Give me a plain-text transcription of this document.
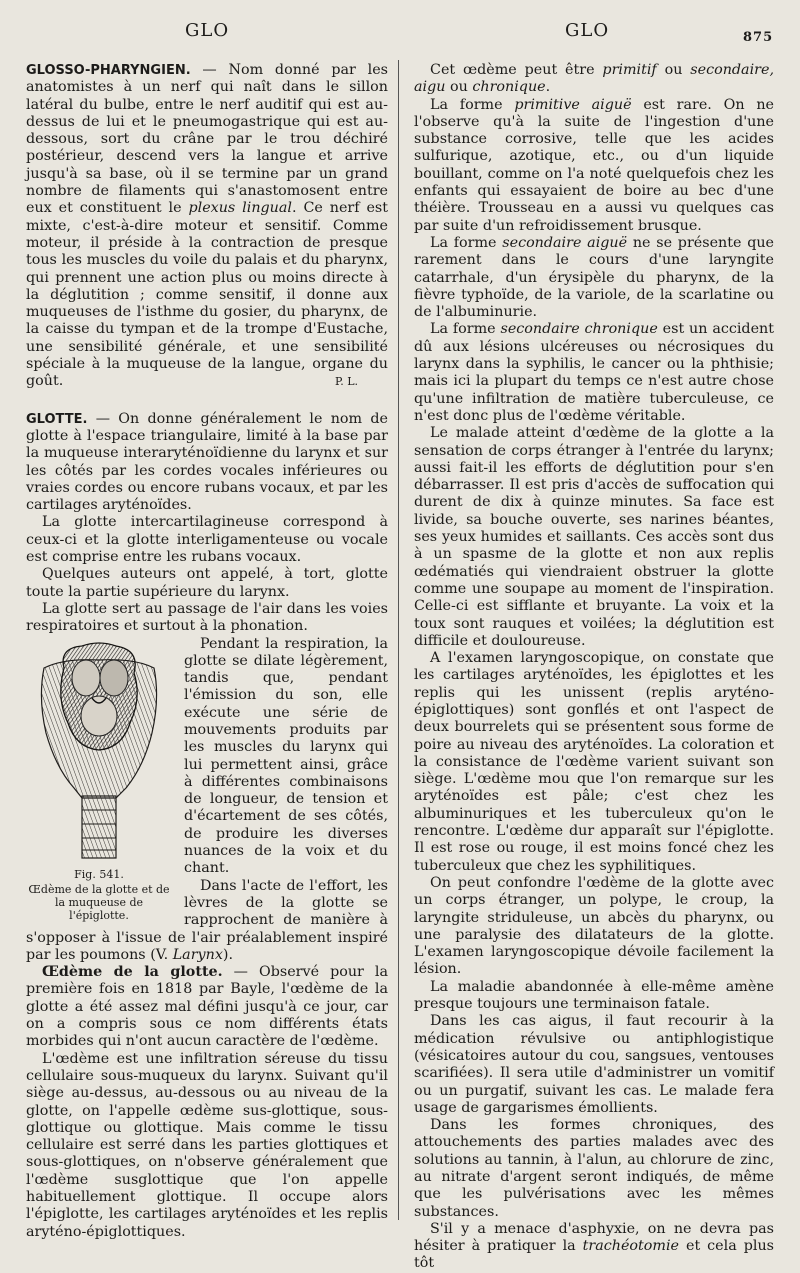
GLO	GLO	875

GLOSSO-PHARYNGIEN. — Nom donné par les anatomistes à un nerf qui naît dans le sillon latéral du bulbe, entre le nerf auditif qui est au-dessus de lui et le pneumogastrique qui est au-dessous, sort du crâne par le trou déchiré postérieur, descend vers la langue et arrive jusqu'à sa base, où il se termine par un grand nombre de filaments qui s'anastomosent entre eux et constituent le plexus lingual. Ce nerf est mixte, c'est-à-dire moteur et sensitif. Comme moteur, il préside à la contraction de presque tous les muscles du voile du palais et du pharynx, qui prennent une action plus ou moins directe à la déglutition ; comme sensitif, il donne aux muqueuses de l'isthme du gosier, du pharynx, de la caisse du tympan et de la trompe d'Eustache, une sensibilité générale, et une sensibilité spéciale à la muqueuse de la langue, organe du goût.	P. L.

GLOTTE. — On donne généralement le nom de glotte à l'espace triangulaire, limité à la base par la muqueuse interaryténoïdienne du larynx et sur les côtés par les cordes vocales inférieures ou vraies cordes ou encore rubans vocaux, et par les cartilages aryténoïdes.

La glotte intercartilagineuse correspond à ceux-ci et la glotte interligamenteuse ou vocale est comprise entre les rubans vocaux.

Quelques auteurs ont appelé, à tort, glotte toute la partie supérieure du larynx.

La glotte sert au passage de l'air dans les voies respiratoires et surtout à la phonation.

Fig. 541.
Œdème de la glotte et de la muqueuse de l'épiglotte.

Pendant la respiration, la glotte se dilate légèrement, tandis que, pendant l'émission du son, elle exécute une série de mouvements produits par les muscles du larynx qui lui permettent ainsi, grâce à différentes combinaisons de longueur, de tension et d'écartement de ses côtés, de produire les diverses nuances de la voix et du chant.

Dans l'acte de l'effort, les lèvres de la glotte se rapprochent de manière à s'opposer à l'issue de l'air préalablement inspiré par les poumons (V. Larynx).

Œdème de la glotte. — Observé pour la première fois en 1818 par Bayle, l'œdème de la glotte a été assez mal défini jusqu'à ce jour, car on a compris sous ce nom différents états morbides qui n'ont aucun caractère de l'œdème.

L'œdème est une infiltration séreuse du tissu cellulaire sous-muqueux du larynx. Suivant qu'il siège au-dessus, au-dessous ou au niveau de la glotte, on l'appelle œdème sus-glottique, sous-glottique ou glottique. Mais comme le tissu cellulaire est serré dans les parties glottiques et sous-glottiques, on n'observe généralement que l'œdème susglottique que l'on appelle habituellement glottique. Il occupe alors l'épiglotte, les cartilages aryténoïdes et les replis aryténo-épiglottiques.

Cet œdème peut être primitif ou secondaire, aigu ou chronique.

La forme primitive aiguë est rare. On ne l'observe qu'à la suite de l'ingestion d'une substance corrosive, telle que les acides sulfurique, azotique, etc., ou d'un liquide bouillant, comme on l'a noté quelquefois chez les enfants qui essayaient de boire au bec d'une théière. Trousseau en a aussi vu quelques cas par suite d'un refroidissement brusque.

La forme secondaire aiguë ne se présente que rarement dans le cours d'une laryngite catarrhale, d'un érysipèle du pharynx, de la fièvre typhoïde, de la variole, de la scarlatine ou de l'albuminurie.

La forme secondaire chronique est un accident dû aux lésions ulcéreuses ou nécrosiques du larynx dans la syphilis, le cancer ou la phthisie; mais ici la plupart du temps ce n'est autre chose qu'une infiltration de matière tuberculeuse, ce n'est donc plus de l'œdème véritable.

Le malade atteint d'œdème de la glotte a la sensation de corps étranger à l'entrée du larynx; aussi fait-il les efforts de déglutition pour s'en débarrasser. Il est pris d'accès de suffocation qui durent de dix à quinze minutes. Sa face est livide, sa bouche ouverte, ses narines béantes, ses yeux humides et saillants. Ces accès sont dus à un spasme de la glotte et non aux replis œdématiés qui viendraient obstruer la glotte comme une soupape au moment de l'inspiration. Celle-ci est sifflante et bruyante. La voix et la toux sont rauques et voilées; la déglutition est difficile et douloureuse.

A l'examen laryngoscopique, on constate que les cartilages aryténoïdes, les épiglottes et les replis qui les unissent (replis aryténo-épiglottiques) sont gonflés et ont l'aspect de deux bourrelets qui se présentent sous forme de poire au niveau des aryténoïdes. La coloration et la consistance de l'œdème varient suivant son siège. L'œdème mou que l'on remarque sur les aryténoïdes est pâle; c'est chez les albuminuriques et les tuberculeux qu'on le rencontre. L'œdème dur apparaît sur l'épiglotte. Il est rose ou rouge, il est moins foncé chez les tuberculeux que chez les syphilitiques.

On peut confondre l'œdème de la glotte avec un corps étranger, un polype, le croup, la laryngite striduleuse, un abcès du pharynx, ou une paralysie des dilatateurs de la glotte. L'examen laryngoscopique dévoile facilement la lésion.

La maladie abandonnée à elle-même amène presque toujours une terminaison fatale.

Dans les cas aigus, il faut recourir à la médication révulsive ou antiphlogistique (vésicatoires autour du cou, sangsues, ventouses scarifiées). Il sera utile d'administrer un vomitif ou un purgatif, suivant les cas. Le malade fera usage de gargarismes émollients.

Dans les formes chroniques, des attouchements des parties malades avec des solutions au tannin, à l'alun, au chlorure de zinc, au nitrate d'argent seront indiqués, de même que les pulvérisations avec les mêmes substances.

S'il y a menace d'asphyxie, on ne devra pas hésiter à pratiquer la trachéotomie et cela plus tôt
